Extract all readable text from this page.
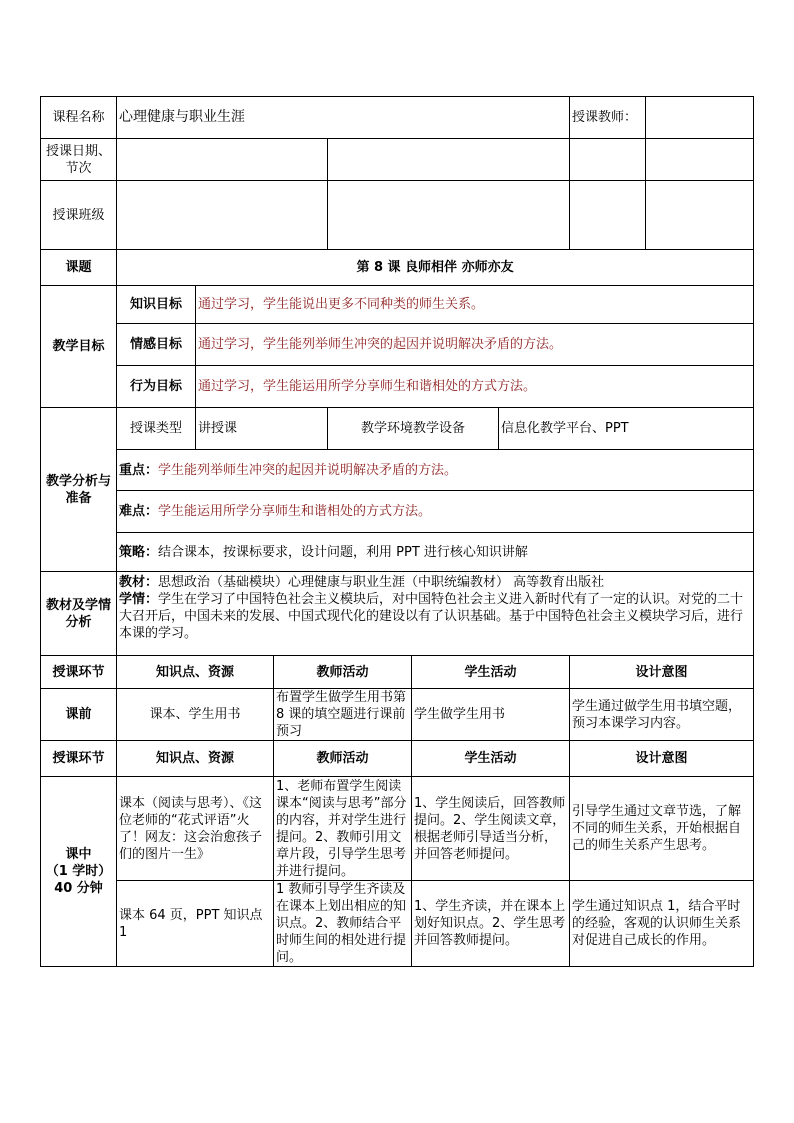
课程名称	心理健康与职业生涯						授课教师：	
授课日期、节次								
授课班级								
课题	第 8 课 良师相伴 亦师亦友							
教学目标	知识目标	通过学习，学生能说出更多不同种类的师生关系。						
	情感目标	通过学习，学生能列举师生冲突的起因并说明解决矛盾的方法。						
	行为目标	通过学习，学生能运用所学分享师生和谐相处的方式方法。						
教学分析与准备	授课类型	讲授课		教学环境教学设备		信息化教学平台、PPT		
	重点：学生能列举师生冲突的起因并说明解决矛盾的方法。							
	难点：学生能运用所学分享师生和谐相处的方式方法。							
	策略：结合课本，按课标要求，设计问题，利用 PPT 进行核心知识讲解							
教材及学情分析	教材：思想政治（基础模块）心理健康与职业生涯（中职统编教材） 高等教育出版社
学情：学生在学习了中国特色社会主义模块后，对中国特色社会主义进入新时代有了一定的认识。对党的二十大召开后，中国未来的发展、中国式现代化的建设以有了认识基础。基于中国特色社会主义模块学习后，进行本课的学习。							

授课环节	知识点、资源		教师活动		学生活动		设计意图	
课前	课本、学生用书		布置学生做学生用书第 8 课的填空题进行课前预习		学生做学生用书		学生通过做学生用书填空题，预习本课学习内容。	
授课环节	知识点、资源		教师活动		学生活动		设计意图	

课中
（1 学时）
40 分钟	课本（阅读与思考）、《这位老师的“花式评语”火了！网友：这会治愈孩子们的图片一生》		1、老师布置学生阅读课本“阅读与思考”部分的内容，并对学生进行提问。2、教师引用文章片段，引导学生思考并进行提问。		1、学生阅读后，回答教师提问。2、学生阅读文章，根据老师引导适当分析，并回答老师提问。		引导学生通过文章节选，了解不同的师生关系，开始根据自己的师生关系产生思考。	
	课本 64 页，PPT 知识点 1		1 教师引导学生齐读及在课本上划出相应的知识点。2、教师结合平时师生间的相处进行提问。		1、学生齐读，并在课本上划好知识点。2、学生思考并回答教师提问。		学生通过知识点 1，结合平时的经验，客观的认识师生关系对促进自己成长的作用。	
